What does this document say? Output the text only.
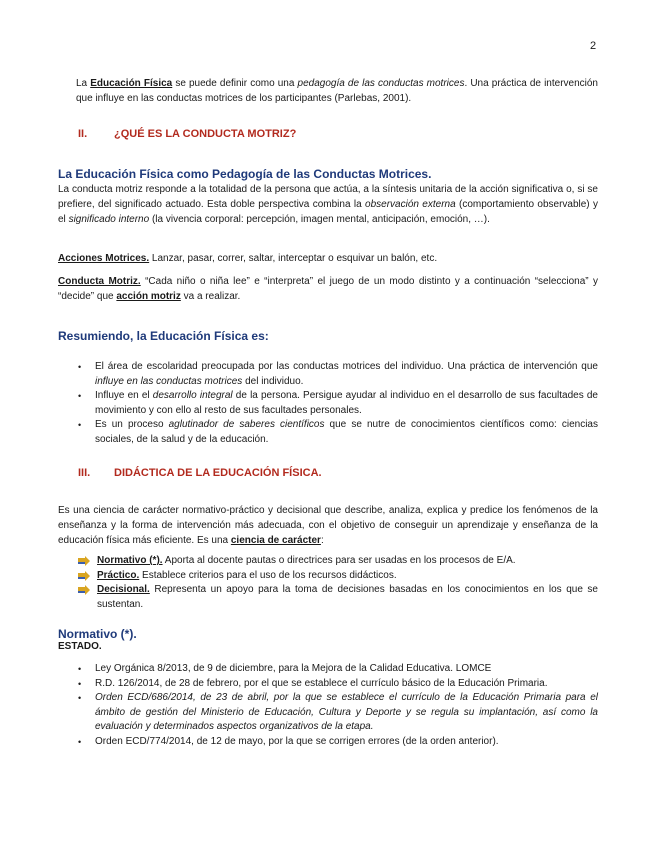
2

La Educación Física se puede definir como una pedagogía de las conductas motrices. Una práctica de intervención que influye en las conductas motrices de los participantes (Parlebas, 2001).

II. ¿QUÉ ES LA CONDUCTA MOTRIZ?
La Educación Física como Pedagogía de las Conductas Motrices.

La conducta motriz responde a la totalidad de la persona que actúa, a la síntesis unitaria de la acción significativa o, si se prefiere, del significado actuado. Esta doble perspectiva combina la observación externa (comportamiento observable) y el significado interno (la vivencia corporal: percepción, imagen mental, anticipación, emoción, …).

Acciones Motrices. Lanzar, pasar, correr, saltar, interceptar o esquivar un balón, etc.

Conducta Motriz. “Cada niño o niña lee” e “interpreta” el juego de un modo distinto y a continuación “selecciona” y “decide” que acción motriz va a realizar.

Resumiendo, la Educación Física es:
• El área de escolaridad preocupada por las conductas motrices del individuo. Una práctica de intervención que influye en las conductas motrices del individuo.
• Influye en el desarrollo integral de la persona. Persigue ayudar al individuo en el desarrollo de sus facultades de movimiento y con ello al resto de sus facultades personales.
• Es un proceso aglutinador de saberes científicos que se nutre de conocimientos científicos como: ciencias sociales, de la salud y de la educación.
III. DIDÁCTICA DE LA EDUCACIÓN FÍSICA.

Es una ciencia de carácter normativo-práctico y decisional que describe, analiza, explica y predice los fenómenos de la enseñanza y la forma de intervención más adecuada, con el objetivo de conseguir un aprendizaje y enseñanza de la educación física más eficiente. Es una ciencia de carácter:

Normativo (*). Aporta al docente pautas o directrices para ser usadas en los procesos de E/A.
Práctico. Establece criterios para el uso de los recursos didácticos.
Decisional. Representa un apoyo para la toma de decisiones basadas en los conocimientos en los que se sustentan.
Normativo (*).
ESTADO.
• Ley Orgánica 8/2013, de 9 de diciembre, para la Mejora de la Calidad Educativa. LOMCE
• R.D. 126/2014, de 28 de febrero, por el que se establece el currículo básico de la Educación Primaria.
• Orden ECD/686/2014, de 23 de abril, por la que se establece el currículo de la Educación Primaria para el ámbito de gestión del Ministerio de Educación, Cultura y Deporte y se regula su implantación, así como la evaluación y determinados aspectos organizativos de la etapa.
• Orden ECD/774/2014, de 12 de mayo, por la que se corrigen errores (de la orden anterior).
